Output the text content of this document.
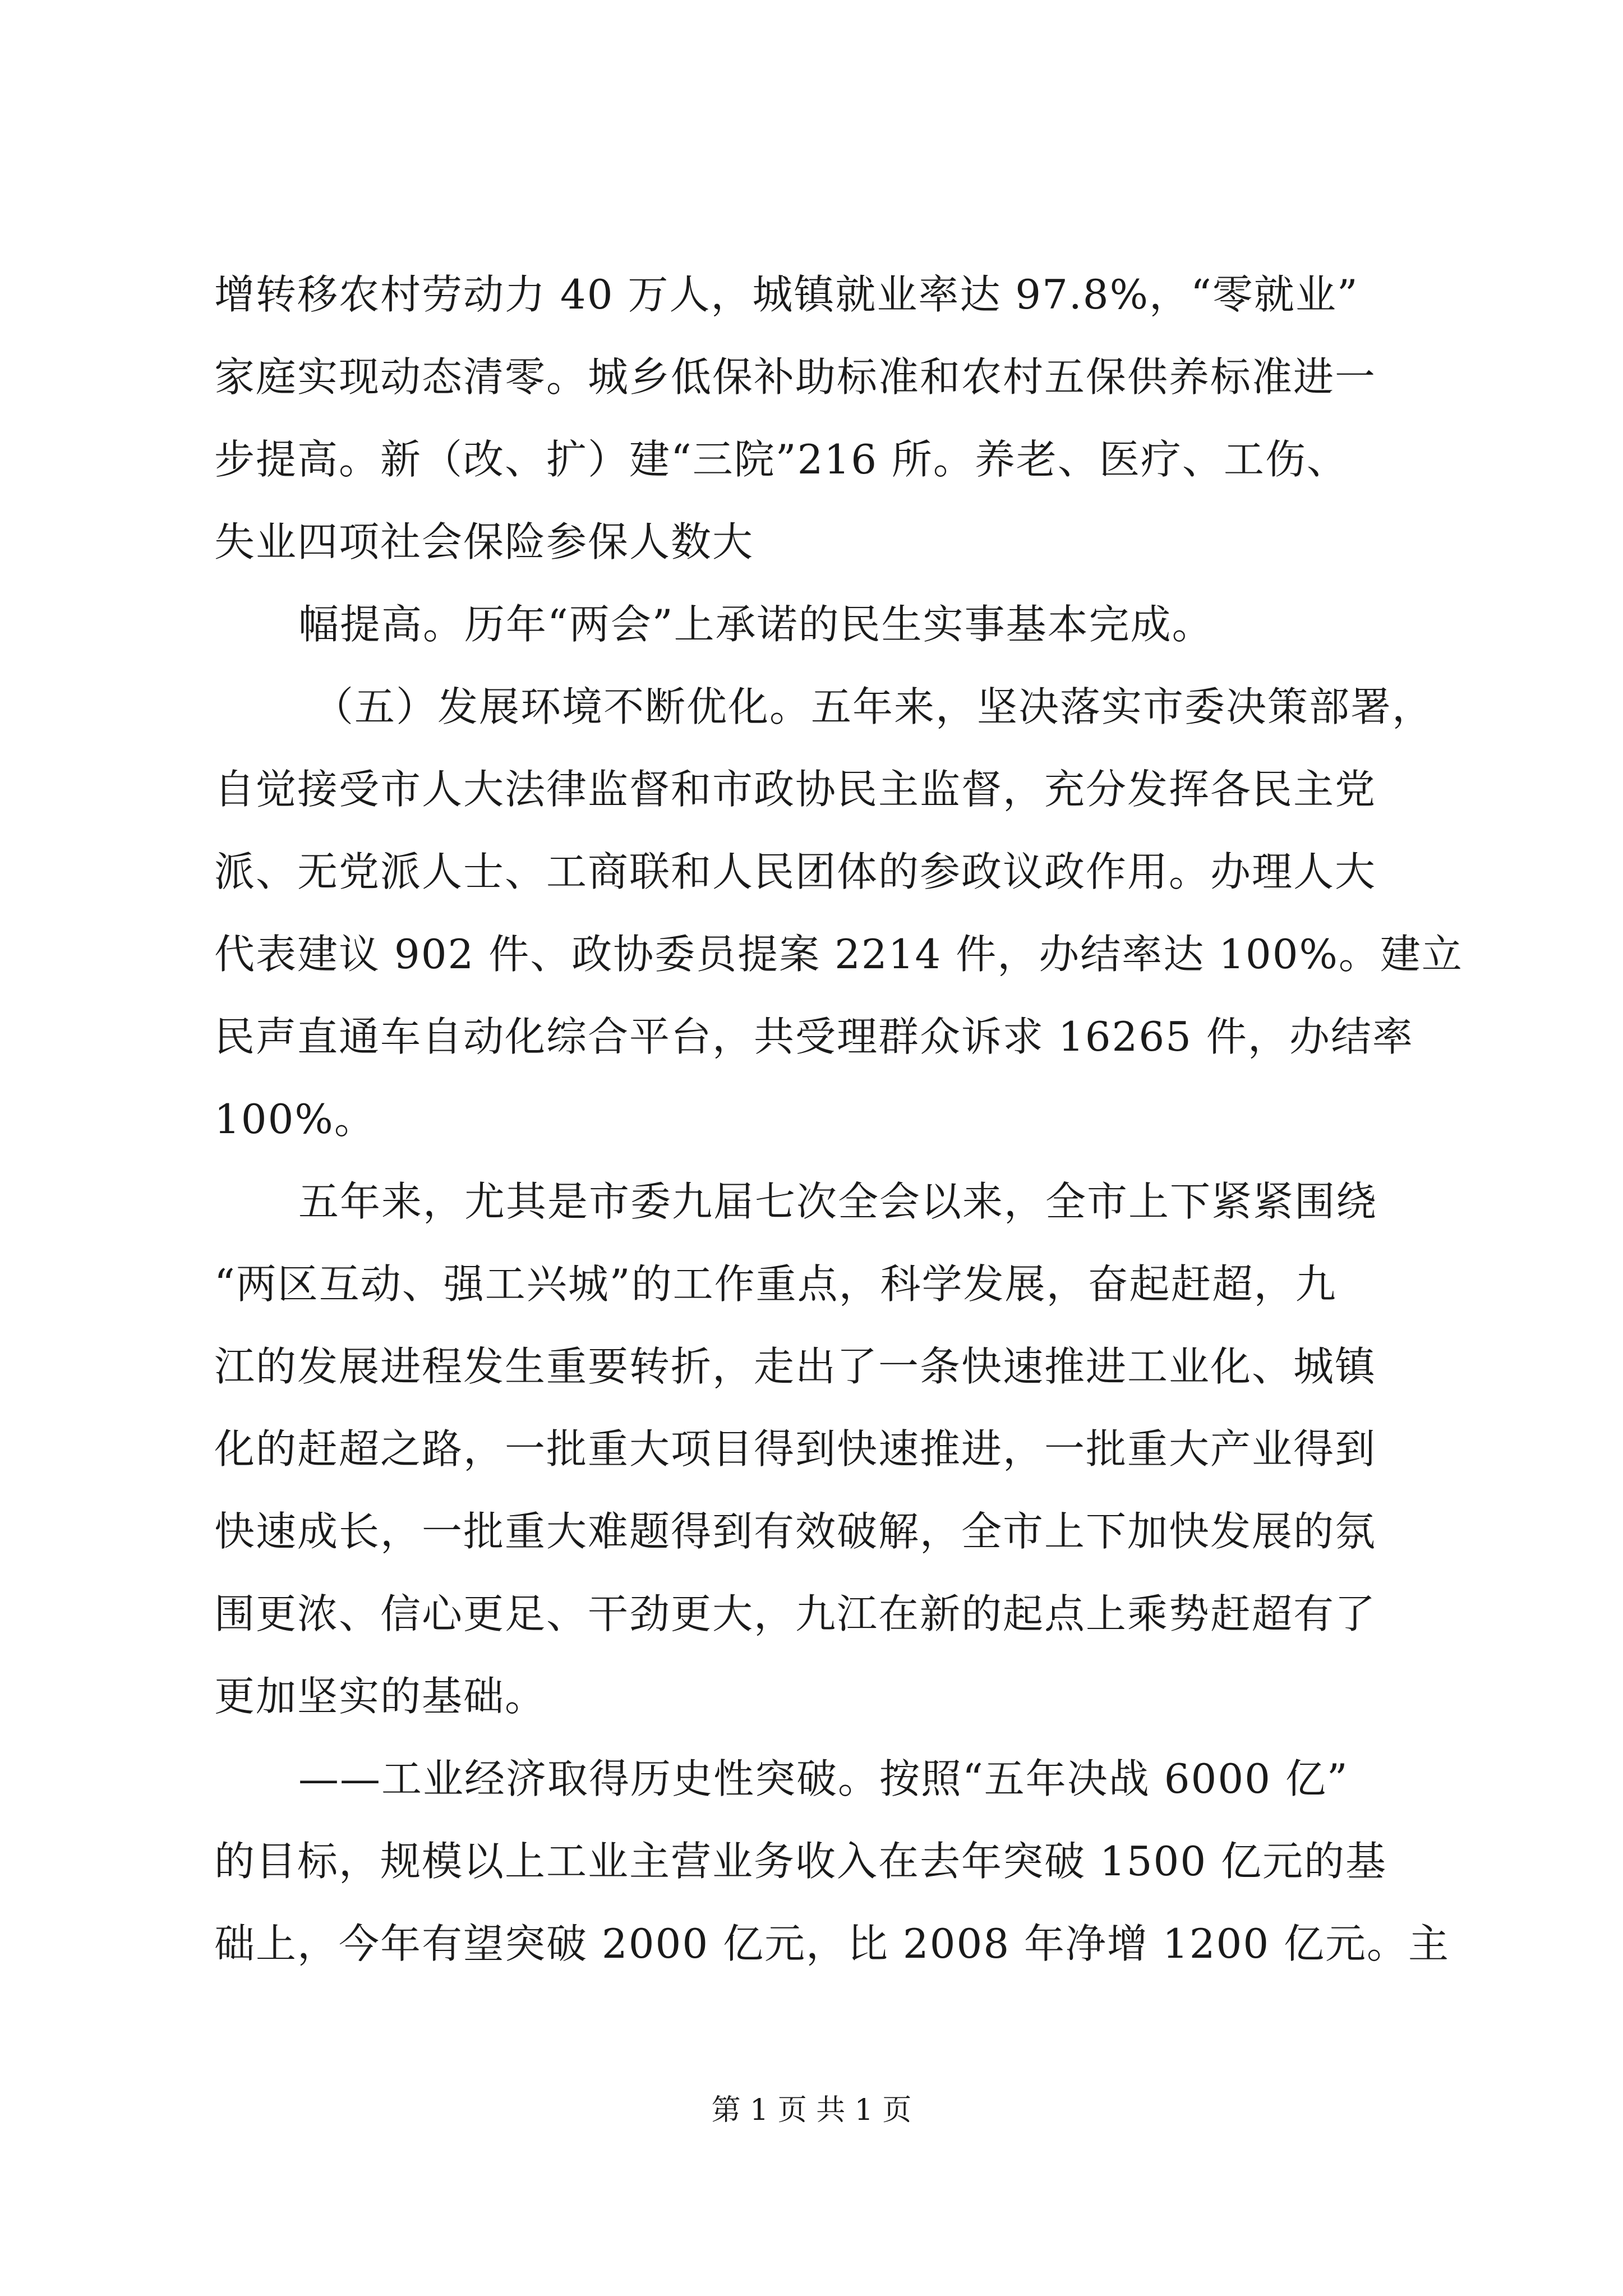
增转移农村劳动力 40 万人，城镇就业率达 97.8%，“零就业”
家庭实现动态清零。城乡低保补助标准和农村五保供养标准进一
步提高。新（改、扩）建“三院”216 所。养老、医疗、工伤、
失业四项社会保险参保人数大
幅提高。历年“两会”上承诺的民生实事基本完成。
（五）发展环境不断优化。五年来，坚决落实市委决策部署，
自觉接受市人大法律监督和市政协民主监督，充分发挥各民主党
派、无党派人士、工商联和人民团体的参政议政作用。办理人大
代表建议 902 件、政协委员提案 2214 件，办结率达 100%。建立
民声直通车自动化综合平台，共受理群众诉求 16265 件，办结率
100%。
五年来，尤其是市委九届七次全会以来，全市上下紧紧围绕
“两区互动、强工兴城”的工作重点，科学发展，奋起赶超，九
江的发展进程发生重要转折，走出了一条快速推进工业化、城镇
化的赶超之路，一批重大项目得到快速推进，一批重大产业得到
快速成长，一批重大难题得到有效破解，全市上下加快发展的氛
围更浓、信心更足、干劲更大，九江在新的起点上乘势赶超有了
更加坚实的基础。
——工业经济取得历史性突破。按照“五年决战 6000 亿”
的目标，规模以上工业主营业务收入在去年突破 1500 亿元的基
础上，今年有望突破 2000 亿元，比 2008 年净增 1200 亿元。主
第 1 页 共 1 页
